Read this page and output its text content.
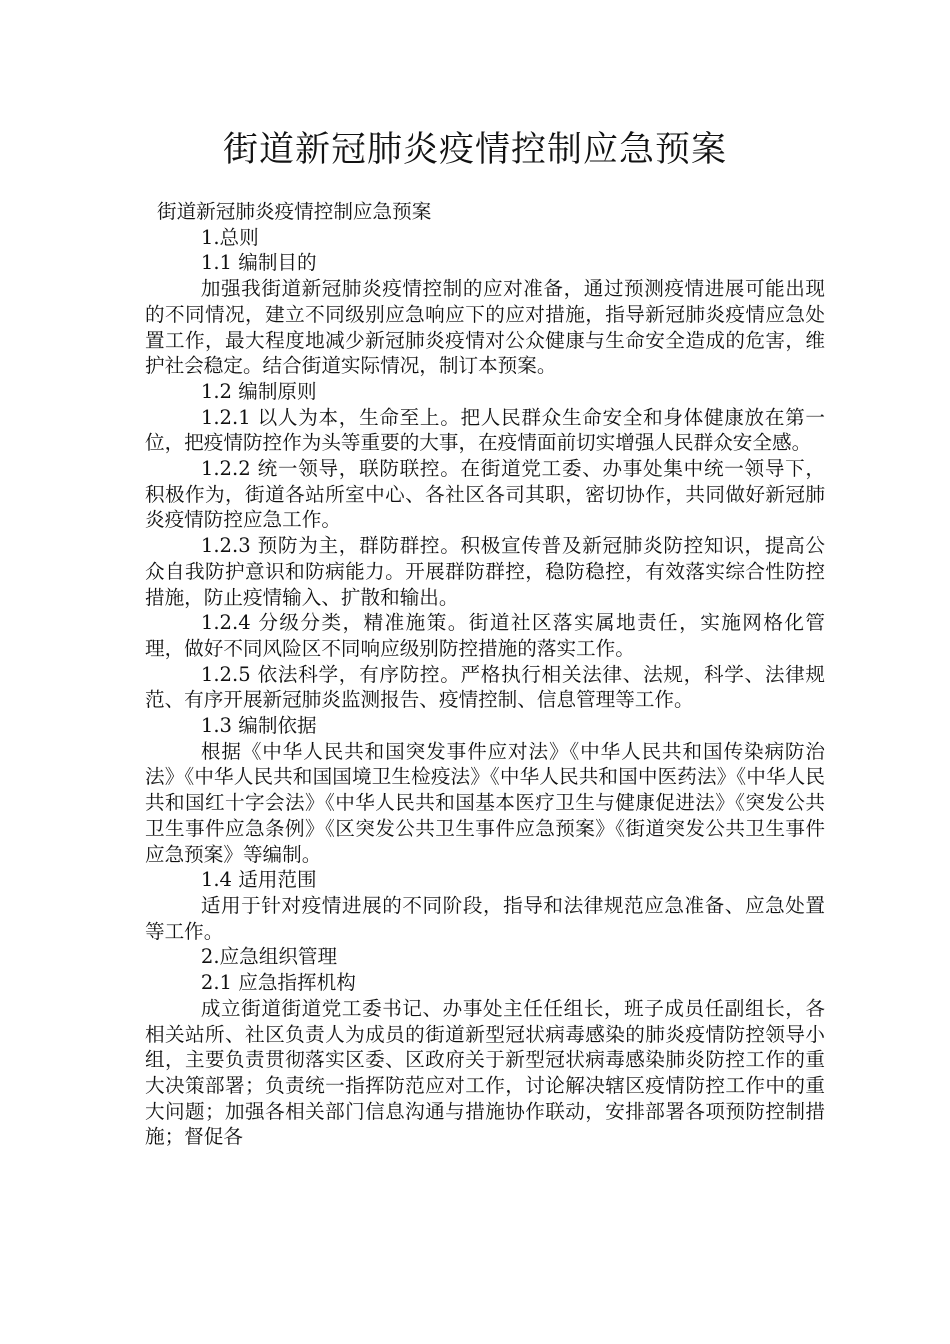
街道新冠肺炎疫情控制应急预案

街道新冠肺炎疫情控制应急预案

1.总则

1.1 编制目的

加强我街道新冠肺炎疫情控制的应对准备，通过预测疫情进展可能出现的不同情况，建立不同级别应急响应下的应对措施，指导新冠肺炎疫情应急处置工作，最大程度地减少新冠肺炎疫情对公众健康与生命安全造成的危害，维护社会稳定。结合街道实际情况，制订本预案。

1.2 编制原则

1.2.1 以人为本，生命至上。把人民群众生命安全和身体健康放在第一位，把疫情防控作为头等重要的大事，在疫情面前切实增强人民群众安全感。

1.2.2 统一领导，联防联控。在街道党工委、办事处集中统一领导下，积极作为，街道各站所室中心、各社区各司其职，密切协作，共同做好新冠肺炎疫情防控应急工作。

1.2.3 预防为主，群防群控。积极宣传普及新冠肺炎防控知识，提高公众自我防护意识和防病能力。开展群防群控，稳防稳控，有效落实综合性防控措施，防止疫情输入、扩散和输出。

1.2.4 分级分类，精准施策。街道社区落实属地责任，实施网格化管理，做好不同风险区不同响应级别防控措施的落实工作。

1.2.5 依法科学，有序防控。严格执行相关法律、法规，科学、法律规范、有序开展新冠肺炎监测报告、疫情控制、信息管理等工作。

1.3 编制依据

根据《中华人民共和国突发事件应对法》《中华人民共和国传染病防治法》《中华人民共和国国境卫生检疫法》《中华人民共和国中医药法》《中华人民共和国红十字会法》《中华人民共和国基本医疗卫生与健康促进法》《突发公共卫生事件应急条例》《区突发公共卫生事件应急预案》《街道突发公共卫生事件应急预案》等编制。

1.4 适用范围

适用于针对疫情进展的不同阶段，指导和法律规范应急准备、应急处置等工作。

2.应急组织管理

2.1 应急指挥机构

成立街道街道党工委书记、办事处主任任组长，班子成员任副组长，各相关站所、社区负责人为成员的街道新型冠状病毒感染的肺炎疫情防控领导小组，主要负责贯彻落实区委、区政府关于新型冠状病毒感染肺炎防控工作的重大决策部署；负责统一指挥防范应对工作，讨论解决辖区疫情防控工作中的重大问题；加强各相关部门信息沟通与措施协作联动，安排部署各项预防控制措施；督促各
